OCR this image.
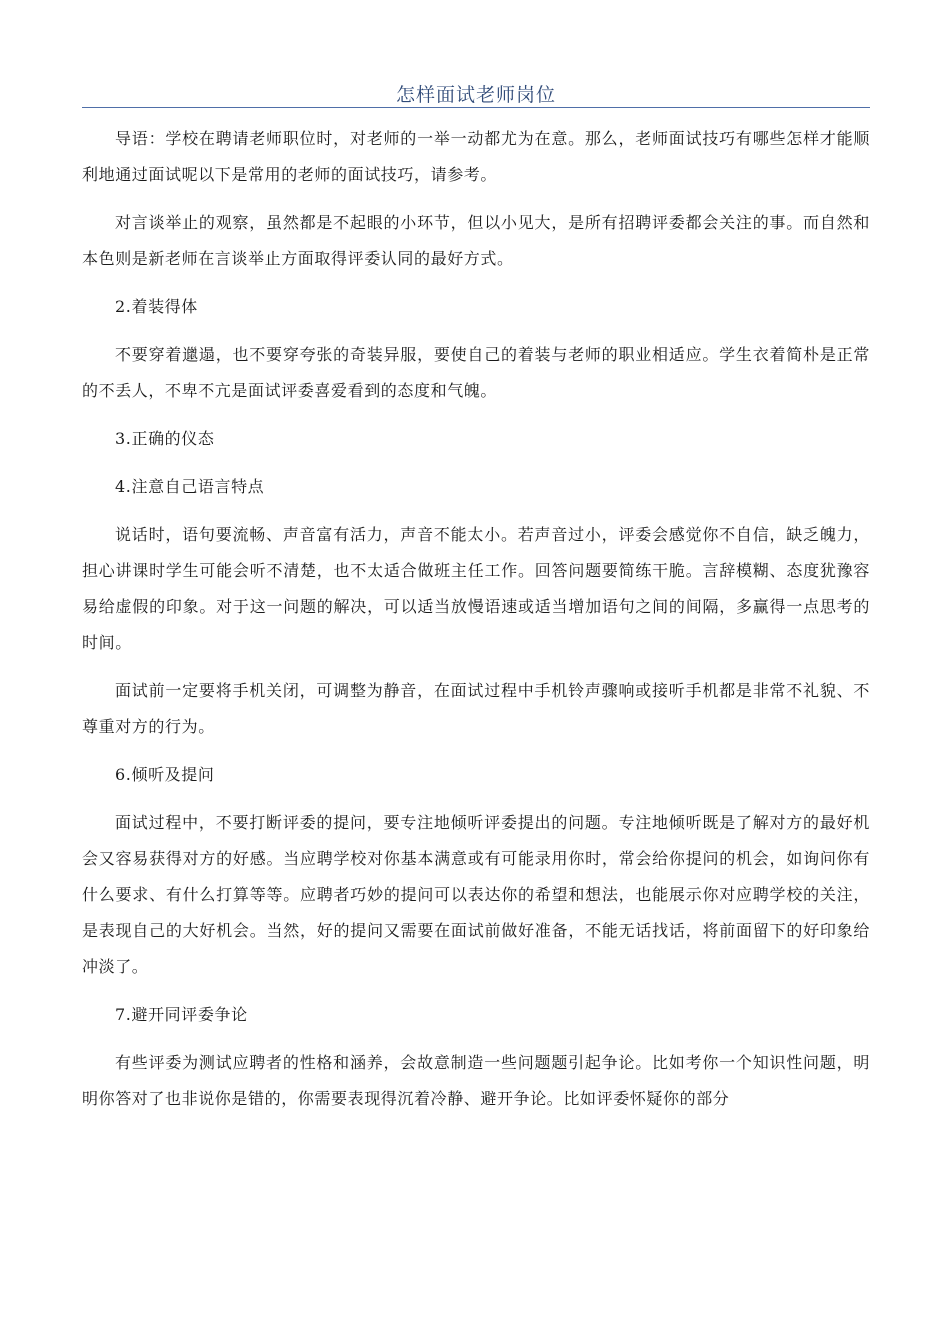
怎样面试老师岗位

导语：学校在聘请老师职位时，对老师的一举一动都尤为在意。那么，老师面试技巧有哪些怎样才能顺利地通过面试呢以下是常用的老师的面试技巧，请参考。

对言谈举止的观察，虽然都是不起眼的小环节，但以小见大，是所有招聘评委都会关注的事。而自然和本色则是新老师在言谈举止方面取得评委认同的最好方式。

2.着装得体

不要穿着邋遢，也不要穿夸张的奇装异服，要使自己的着装与老师的职业相适应。学生衣着简朴是正常的不丢人，不卑不亢是面试评委喜爱看到的态度和气魄。

3.正确的仪态

4.注意自己语言特点

说话时，语句要流畅、声音富有活力，声音不能太小。若声音过小，评委会感觉你不自信，缺乏魄力，担心讲课时学生可能会听不清楚，也不太适合做班主任工作。回答问题要简练干脆。言辞模糊、态度犹豫容易给虚假的印象。对于这一问题的解决，可以适当放慢语速或适当增加语句之间的间隔，多赢得一点思考的时间。

面试前一定要将手机关闭，可调整为静音，在面试过程中手机铃声骤响或接听手机都是非常不礼貌、不尊重对方的行为。

6.倾听及提问

面试过程中，不要打断评委的提问，要专注地倾听评委提出的问题。专注地倾听既是了解对方的最好机会又容易获得对方的好感。当应聘学校对你基本满意或有可能录用你时，常会给你提问的机会，如询问你有什么要求、有什么打算等等。应聘者巧妙的提问可以表达你的希望和想法，也能展示你对应聘学校的关注，是表现自己的大好机会。当然，好的提问又需要在面试前做好准备，不能无话找话，将前面留下的好印象给冲淡了。

7.避开同评委争论

有些评委为测试应聘者的性格和涵养，会故意制造一些问题题引起争论。比如考你一个知识性问题，明明你答对了也非说你是错的，你需要表现得沉着冷静、避开争论。比如评委怀疑你的部分
